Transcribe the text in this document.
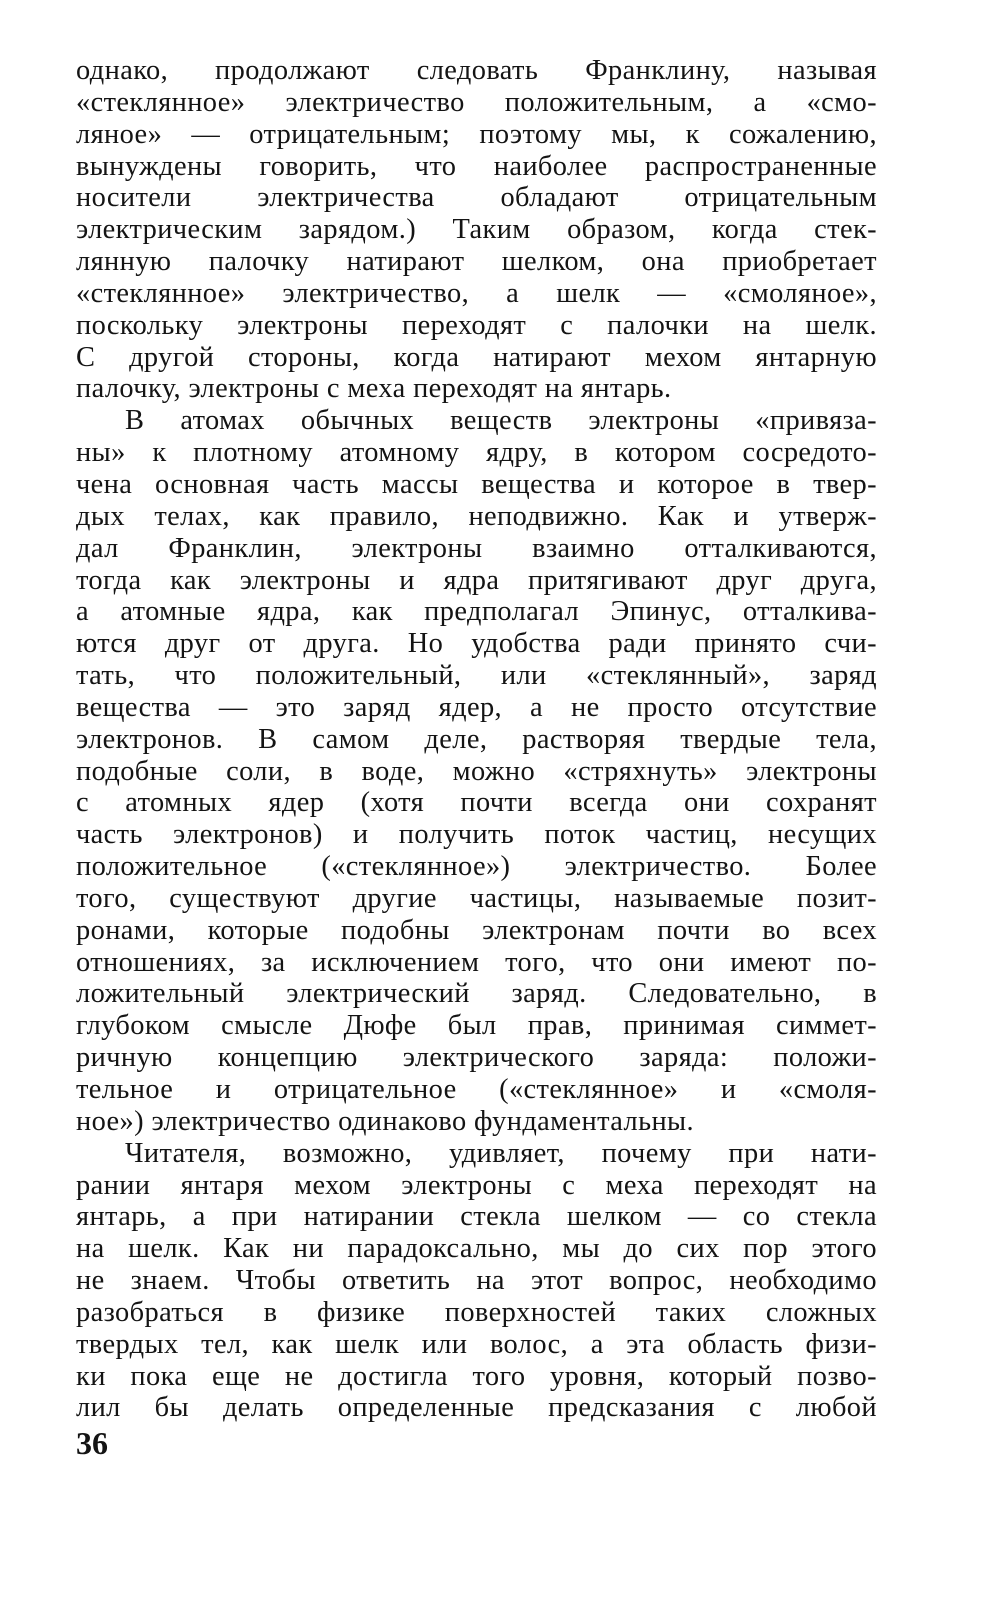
однако, продолжают следовать Франклину, называя
«стеклянное» электричество положительным, а «смо-
ляное» — отрицательным; поэтому мы, к сожалению,
вынуждены говорить, что наиболее распространенные
носители электричества обладают отрицательным
электрическим зарядом.) Таким образом, когда стек-
лянную палочку натирают шелком, она приобретает
«стеклянное» электричество, а шелк — «смоляное»,
поскольку электроны переходят с палочки на шелк.
С другой стороны, когда натирают мехом янтарную
палочку, электроны с меха переходят на янтарь.
В атомах обычных веществ электроны «привяза-
ны» к плотному атомному ядру, в котором сосредото-
чена основная часть массы вещества и которое в твер-
дых телах, как правило, неподвижно. Как и утверж-
дал Франклин, электроны взаимно отталкиваются,
тогда как электроны и ядра притягивают друг друга,
а атомные ядра, как предполагал Эпинус, отталкива-
ются друг от друга. Но удобства ради принято счи-
тать, что положительный, или «стеклянный», заряд
вещества — это заряд ядер, а не просто отсутствие
электронов. В самом деле, растворяя твердые тела,
подобные соли, в воде, можно «стряхнуть» электроны
с атомных ядер (хотя почти всегда они сохранят
часть электронов) и получить поток частиц, несущих
положительное («стеклянное») электричество. Более
того, существуют другие частицы, называемые позит-
ронами, которые подобны электронам почти во всех
отношениях, за исключением того, что они имеют по-
ложительный электрический заряд. Следовательно, в
глубоком смысле Дюфе был прав, принимая симмет-
ричную концепцию электрического заряда: положи-
тельное и отрицательное («стеклянное» и «смоля-
ное») электричество одинаково фундаментальны.
Читателя, возможно, удивляет, почему при нати-
рании янтаря мехом электроны с меха переходят на
янтарь, а при натирании стекла шелком — со стекла
на шелк. Как ни парадоксально, мы до сих пор этого
не знаем. Чтобы ответить на этот вопрос, необходимо
разобраться в физике поверхностей таких сложных
твердых тел, как шелк или волос, а эта область физи-
ки пока еще не достигла того уровня, который позво-
лил бы делать определенные предсказания с любой
36
